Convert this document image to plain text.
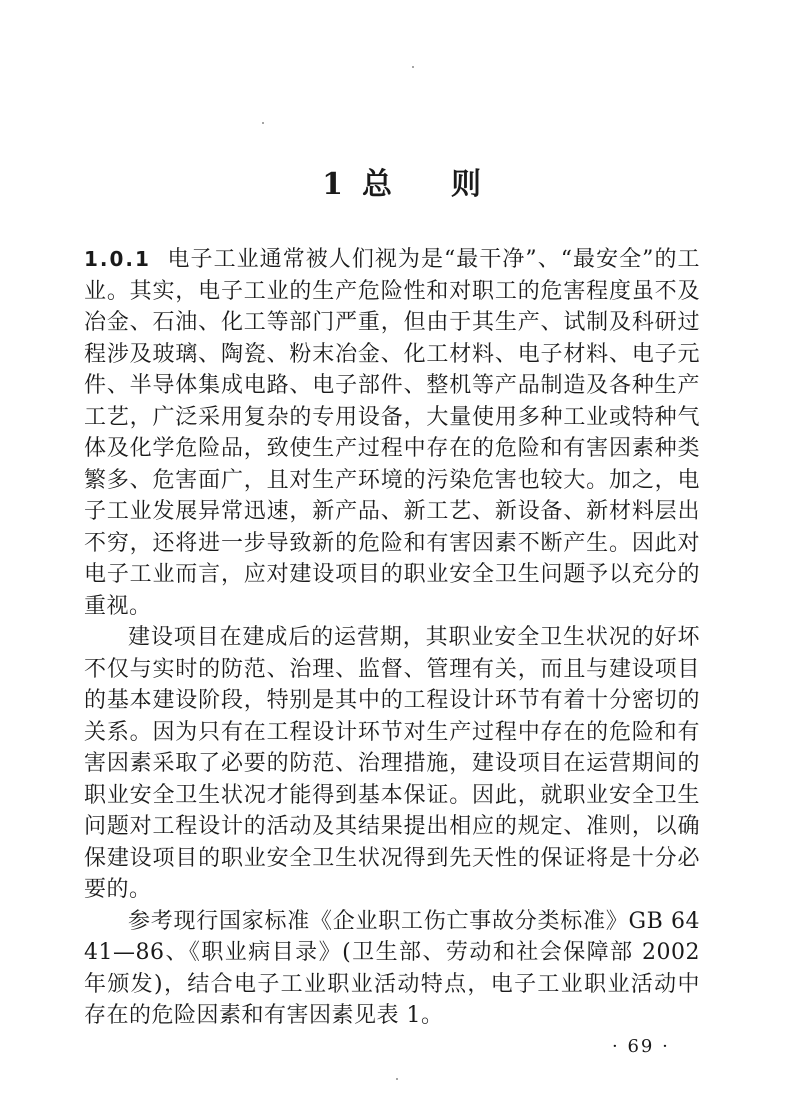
1 总 则

1.0.1 电子工业通常被人们视为是“最干净”、“最安全”的工业。其实，电子工业的生产危险性和对职工的危害程度虽不及冶金、石油、化工等部门严重，但由于其生产、试制及科研过程涉及玻璃、陶瓷、粉末冶金、化工材料、电子材料、电子元件、半导体集成电路、电子部件、整机等产品制造及各种生产工艺，广泛采用复杂的专用设备，大量使用多种工业或特种气体及化学危险品，致使生产过程中存在的危险和有害因素种类繁多、危害面广，且对生产环境的污染危害也较大。加之，电子工业发展异常迅速，新产品、新工艺、新设备、新材料层出不穷，还将进一步导致新的危险和有害因素不断产生。因此对电子工业而言，应对建设项目的职业安全卫生问题予以充分的重视。

建设项目在建成后的运营期，其职业安全卫生状况的好坏不仅与实时的防范、治理、监督、管理有关，而且与建设项目的基本建设阶段，特别是其中的工程设计环节有着十分密切的关系。因为只有在工程设计环节对生产过程中存在的危险和有害因素采取了必要的防范、治理措施，建设项目在运营期间的职业安全卫生状况才能得到基本保证。因此，就职业安全卫生问题对工程设计的活动及其结果提出相应的规定、准则，以确保建设项目的职业安全卫生状况得到先天性的保证将是十分必要的。

参考现行国家标准《企业职工伤亡事故分类标准》GB 6441—86、《职业病目录》(卫生部、劳动和社会保障部 2002 年颁发)，结合电子工业职业活动特点，电子工业职业活动中存在的危险因素和有害因素见表 1。

· 69 ·
